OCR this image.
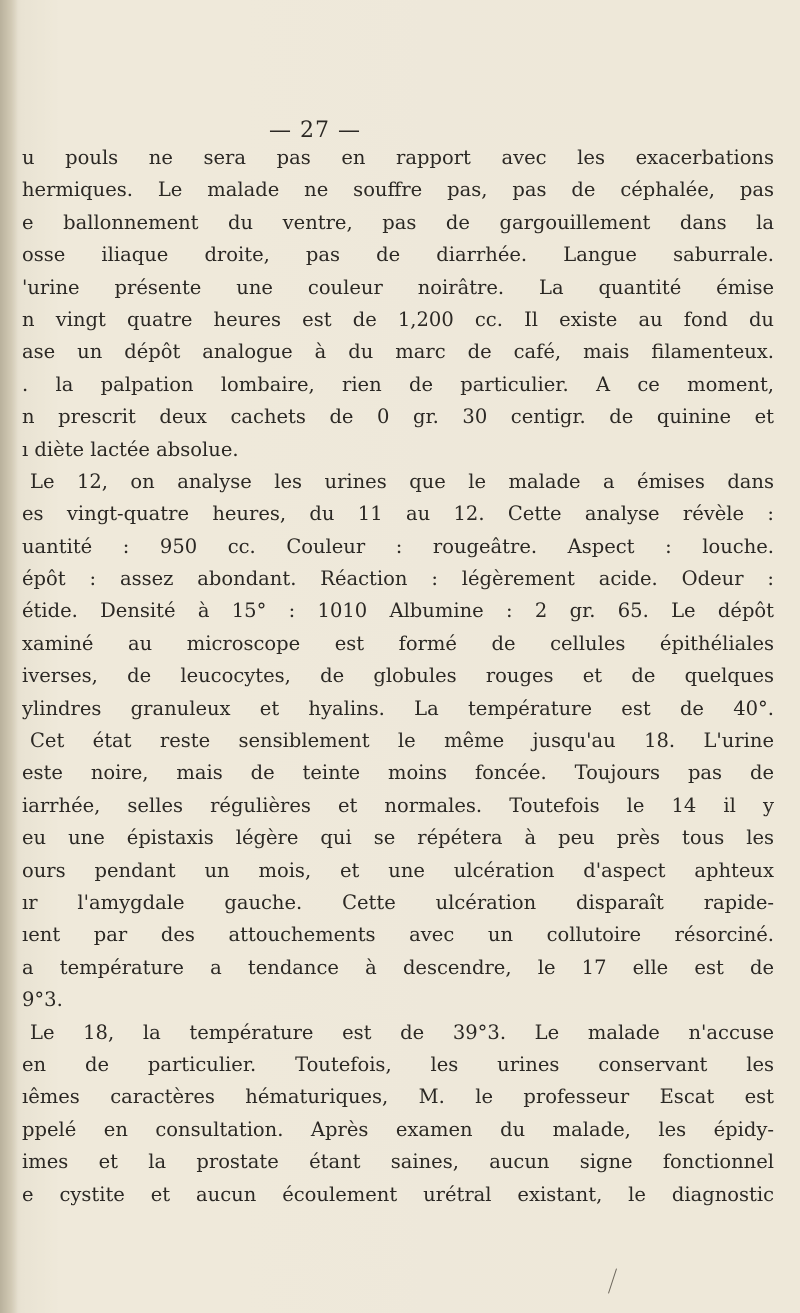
— 27 —
u pouls ne sera pas en rapport avec les exacerbations
hermiques. Le malade ne souffre pas, pas de céphalée, pas
e ballonnement du ventre, pas de gargouillement dans la
osse iliaque droite, pas de diarrhée. Langue saburrale.
'urine présente une couleur noirâtre. La quantité émise
n vingt quatre heures est de 1,200 cc. Il existe au fond du
ase un dépôt analogue à du marc de café, mais filamenteux.
. la palpation lombaire, rien de particulier. A ce moment,
n prescrit deux cachets de 0 gr. 30 centigr. de quinine et
ı diète lactée absolue.
Le 12, on analyse les urines que le malade a émises dans
es vingt-quatre heures, du 11 au 12. Cette analyse révèle :
uantité : 950 cc. Couleur : rougeâtre. Aspect : louche.
épôt : assez abondant. Réaction : légèrement acide. Odeur :
étide. Densité à 15° : 1010 Albumine : 2 gr. 65. Le dépôt
xaminé au microscope est formé de cellules épithéliales
iverses, de leucocytes, de globules rouges et de quelques
ylindres granuleux et hyalins. La température est de 40°.
Cet état reste sensiblement le même jusqu'au 18. L'urine
este noire, mais de teinte moins foncée. Toujours pas de
iarrhée, selles régulières et normales. Toutefois le 14 il y
eu une épistaxis légère qui se répétera à peu près tous les
ours pendant un mois, et une ulcération d'aspect aphteux
ır l'amygdale gauche. Cette ulcération disparaît rapide-
ıent par des attouchements avec un collutoire résorciné.
a température a tendance à descendre, le 17 elle est de
9°3.
Le 18, la température est de 39°3. Le malade n'accuse
en de particulier. Toutefois, les urines conservant les
ıêmes caractères hématuriques, M. le professeur Escat est
ppelé en consultation. Après examen du malade, les épidy-
imes et la prostate étant saines, aucun signe fonctionnel
e cystite et aucun écoulement urétral existant, le diagnostic
